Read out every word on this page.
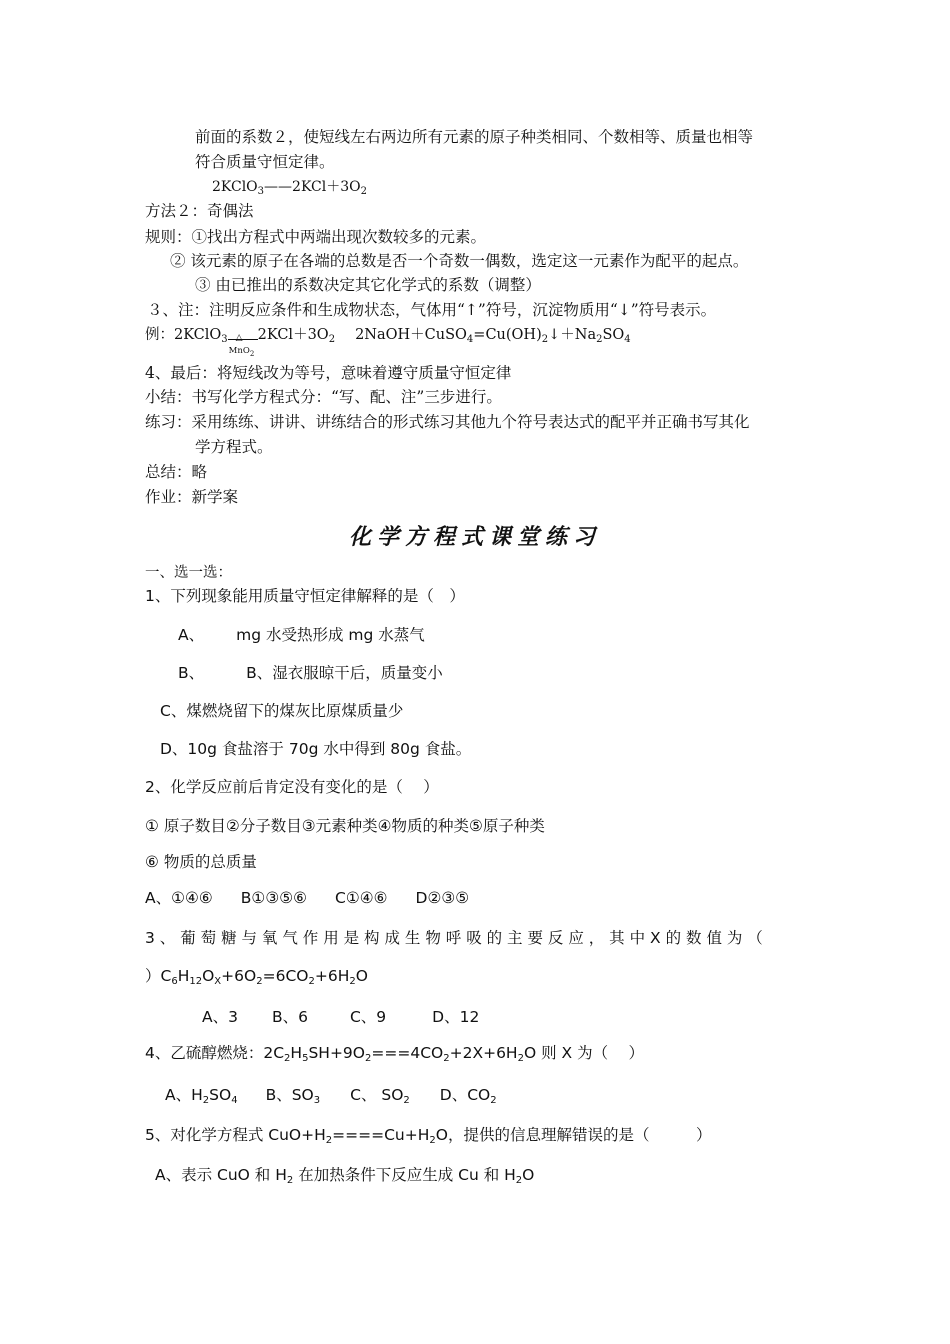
前面的系数２，使短线左右两边所有元素的原子种类相同、个数相等、质量也相等
符合质量守恒定律。
$2KClO_3——2KCl+3O_2$
方法２：奇偶法
规则：①找出方程式中两端出现次数较多的元素。
② 该元素的原子在各端的总数是否一个奇数一偶数，选定这一元素作为配平的起点。
③ 由已推出的系数决定其它化学式的系数（调整）
３、注：注明反应条件和生成物状态，气体用“↑”符号，沉淀物质用“↓”符号表示。
例：2KClO$_3$ △
MnO$_2$
$2KCl+3O_2$ $2NaOH+CuSO_4=Cu(OH)_2↓+Na_2SO_4$
4、最后：将短线改为等号，意味着遵守质量守恒定律
小结：书写化学方程式分：“写、配、注”三步进行。
练习：采用练练、讲讲、讲练结合的形式练习其他九个符号表达式的配平并正确书写其化
学方程式。
总结：略
作业：新学案
化学方程式课堂练习
一、选一选：
1、下列现象能用质量守恒定律解释的是（　）
A、 mg 水受热形成 mg 水蒸气
B、	B、湿衣服晾干后，质量变小
C、煤燃烧留下的煤灰比原煤质量少
D、10g 食盐溶于 70g 水中得到 80g 食盐。
2、化学反应前后肯定没有变化的是（　 ）
① 原子数目②分子数目③元素种类④物质的种类⑤原子种类
⑥ 物质的总质量
A、①④⑥ B①③⑤⑥ C①④⑥ D②③⑤
3 、 葡 萄 糖 与 氧 气 作 用 是 构 成 生 物 呼 吸 的 主 要 反 应 ， 其 中 X 的 数 值 为 （
）$C_6H_{12}O_X+6O_2=6CO_2+6H_2O$
A、3 B、6	C、9	D、12
4、乙硫醇燃烧：$2C_2H_5SH+9O_2===4CO_2+2X+6H_2O$ 则 X 为（　 ）
A、$H_2SO_4$ B、$SO_3$ C、 $SO_2$ D、$CO_2$
5、对化学方程式 $CuO+H_2====Cu+H_2O$，提供的信息理解错误的是（　　　）
A、表示 CuO 和 $H_2$ 在加热条件下反应生成 Cu 和 $H_2O$
